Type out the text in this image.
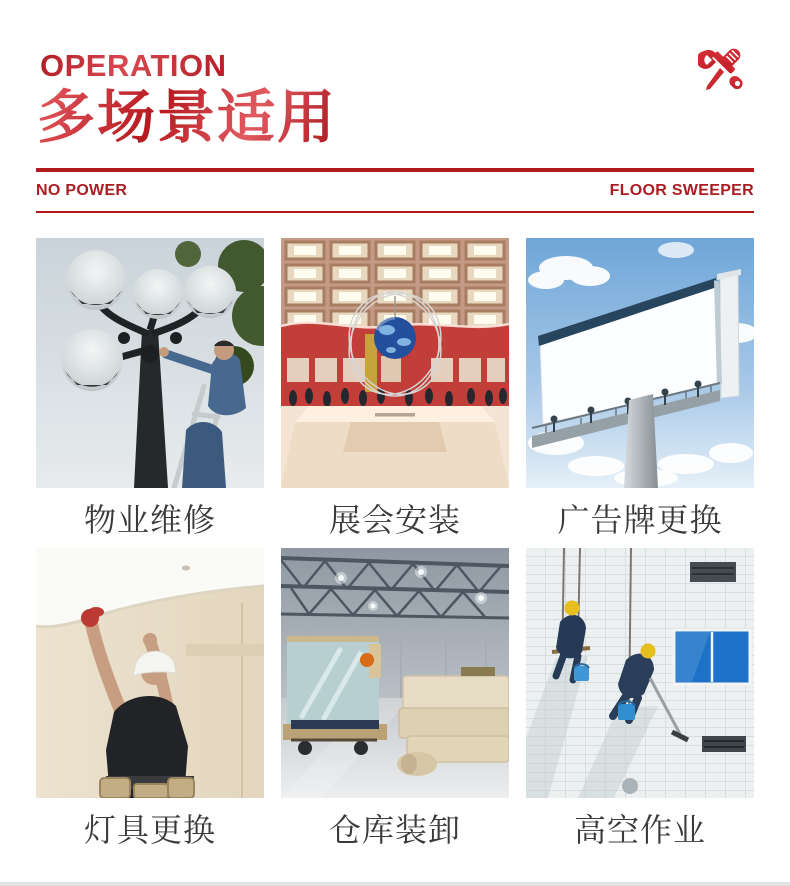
OPERATION
多场景适用
NO POWER	FLOOR SWEEPER
物业维修	展会安装	广告牌更换
灯具更换	仓库装卸	高空作业
